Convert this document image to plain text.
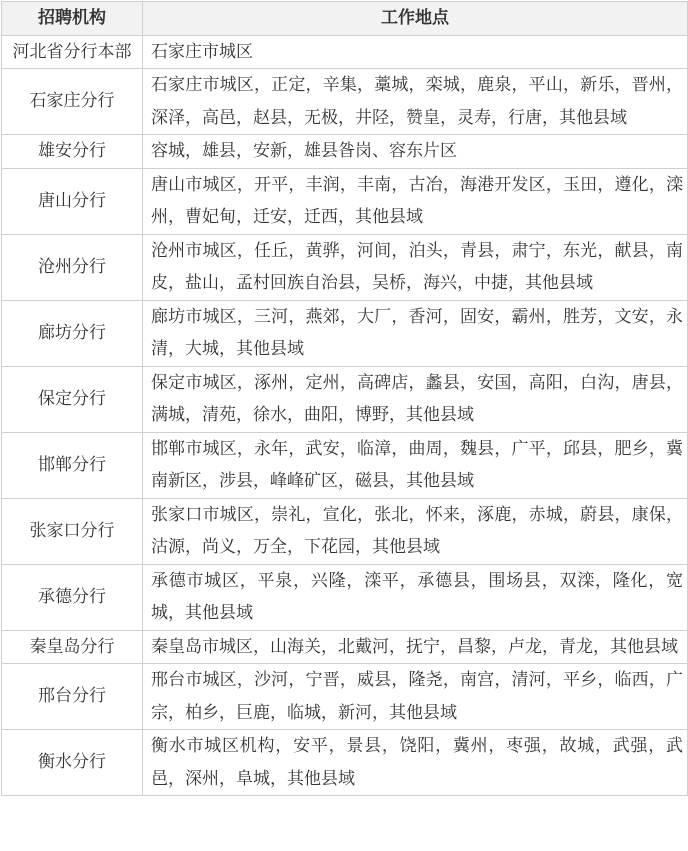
招聘机构	工作地点
河北省分行本部	石家庄市城区
石家庄分行	石家庄市城区，正定，辛集，藁城，栾城，鹿泉，平山，新乐，晋州，深泽，高邑，赵县，无极，井陉，赞皇，灵寿，行唐，其他县域
雄安分行	容城，雄县，安新，雄县昝岗、容东片区
唐山分行	唐山市城区，开平，丰润，丰南，古冶，海港开发区，玉田，遵化，滦州，曹妃甸，迁安，迁西，其他县域
沧州分行	沧州市城区，任丘，黄骅，河间，泊头，青县，肃宁，东光，献县，南皮，盐山，孟村回族自治县，吴桥，海兴，中捷，其他县域
廊坊分行	廊坊市城区，三河，燕郊，大厂，香河，固安，霸州，胜芳，文安，永清，大城，其他县域
保定分行	保定市城区，涿州，定州，高碑店，蠡县，安国，高阳，白沟，唐县，满城，清苑，徐水，曲阳，博野，其他县域
邯郸分行	邯郸市城区，永年，武安，临漳，曲周，魏县，广平，邱县，肥乡，冀南新区，涉县，峰峰矿区，磁县，其他县域
张家口分行	张家口市城区，崇礼，宣化，张北，怀来，涿鹿，赤城，蔚县，康保，沽源，尚义，万全，下花园，其他县域
承德分行	承德市城区，平泉，兴隆，滦平，承德县，围场县，双滦，隆化，宽城，其他县域
秦皇岛分行	秦皇岛市城区，山海关，北戴河，抚宁，昌黎，卢龙，青龙，其他县域
邢台分行	邢台市城区，沙河，宁晋，威县，隆尧，南宫，清河，平乡，临西，广宗，柏乡，巨鹿，临城，新河，其他县域
衡水分行	衡水市城区机构，安平，景县，饶阳，冀州，枣强，故城，武强，武邑，深州，阜城，其他县域
